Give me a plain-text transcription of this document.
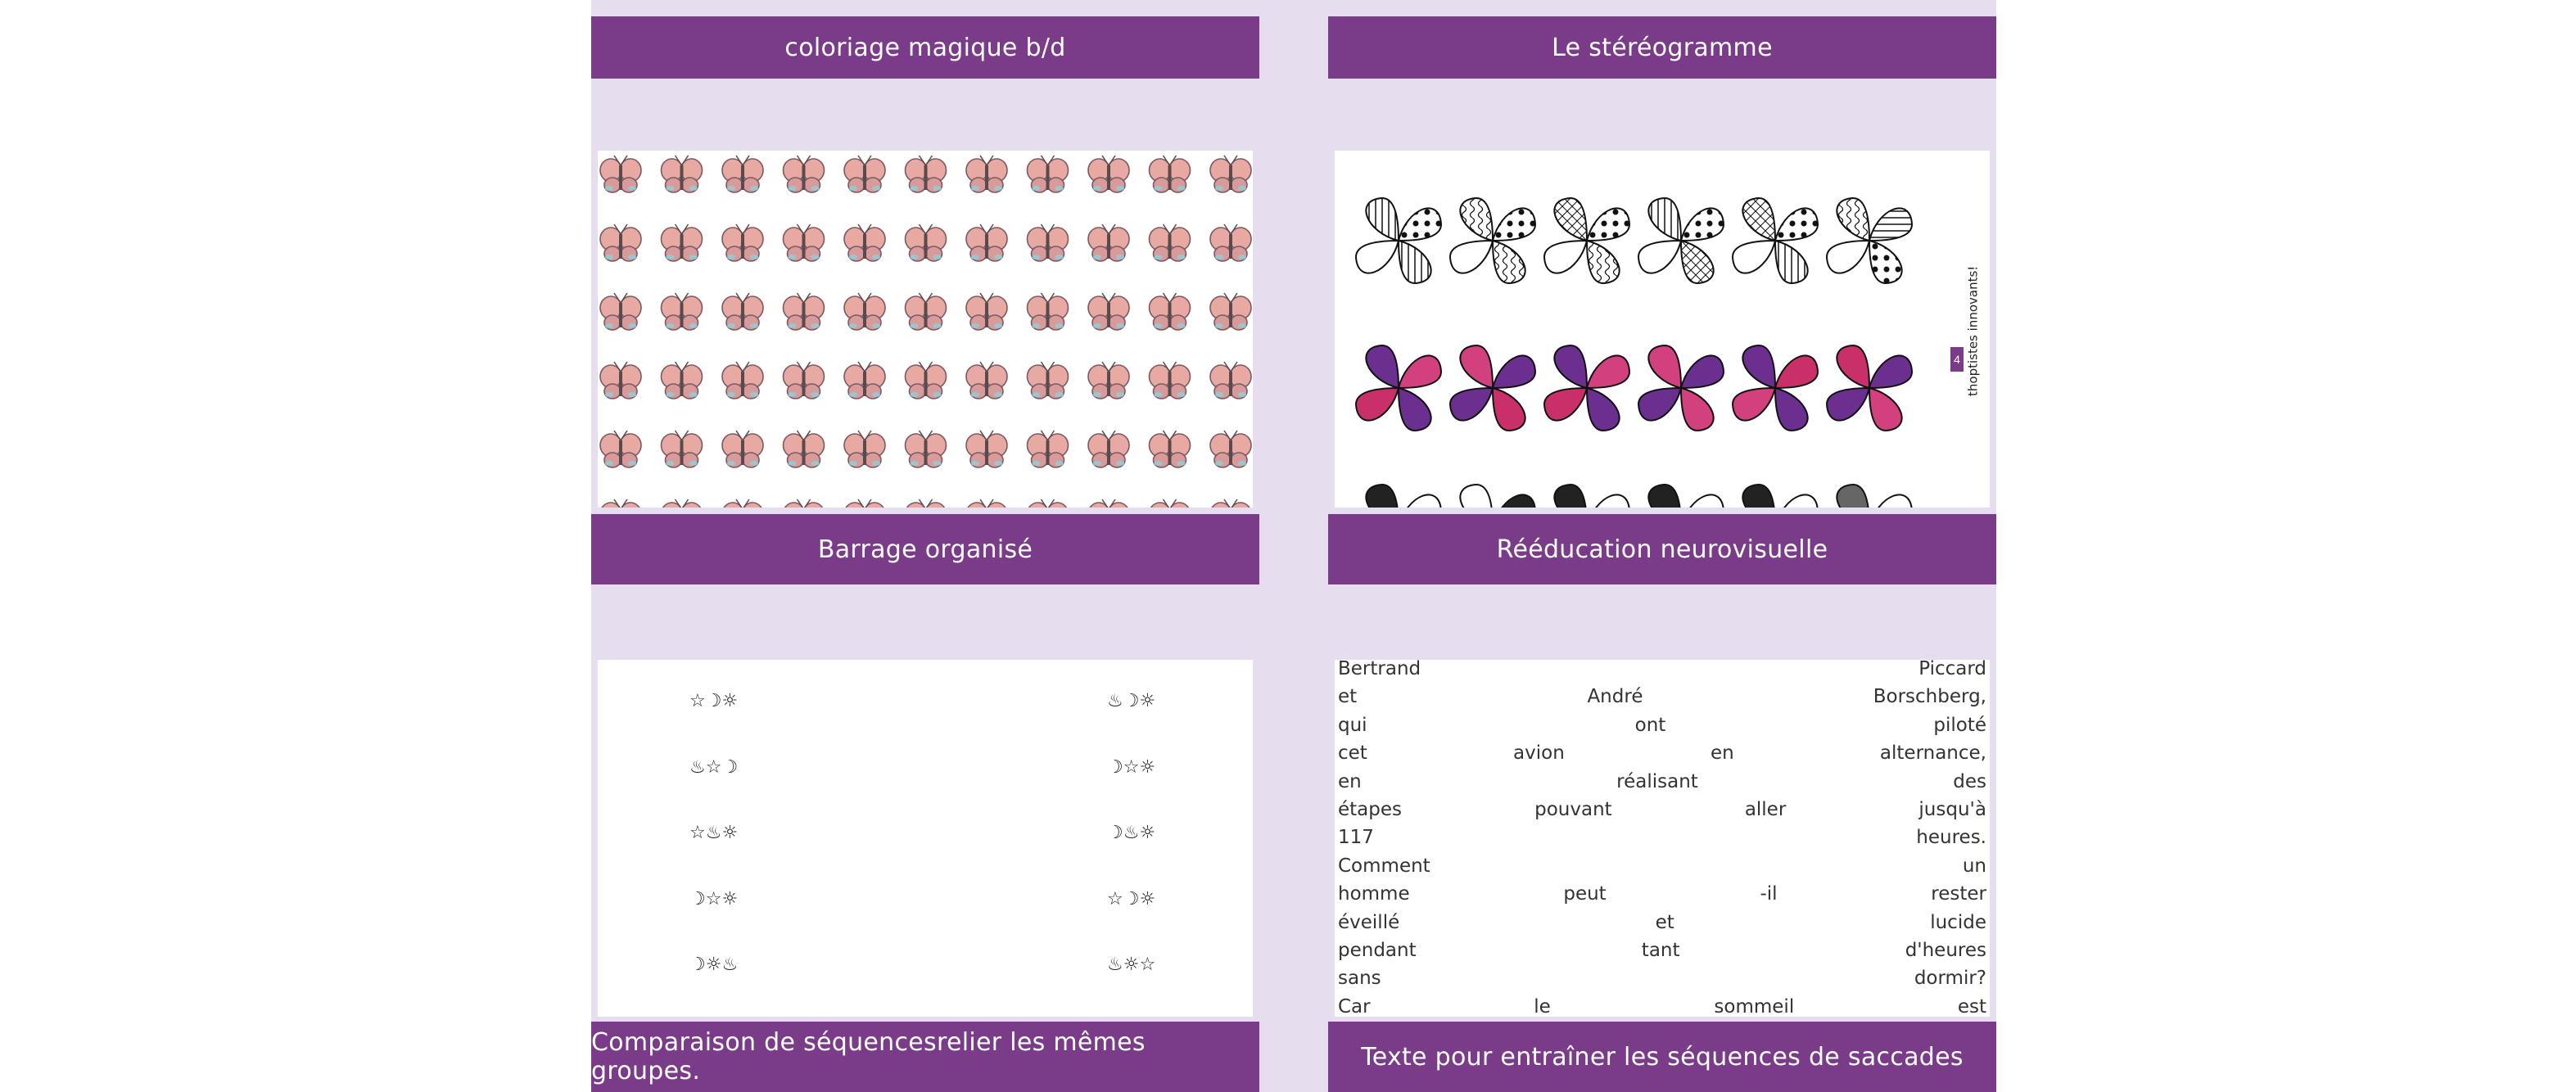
coloriage magique b/d	Le stéréogramme
thoptistes innovants!
4
Barrage organisé	Rééducation neurovisuelle
☆☽☼	♨☽☼
♨☆☽	☽☆☼
☆♨☼	☽♨☼
☽☆☼	☆☽☼
☽☼♨	♨☼☆
Bertrand	Piccard
et	André	Borschberg,
qui	ont	piloté
cet	avion	en	alternance,
en	réalisant	des
étapes	pouvant	aller	jusqu'à
117	heures.
Comment	un
homme	peut	-il	rester
éveillé	et	lucide
pendant	tant	d'heures
sans	dormir?
Car	le	sommeil	est
Comparaison de séquencesrelier les mêmes groupes.	Texte pour entraîner les séquences de saccades
